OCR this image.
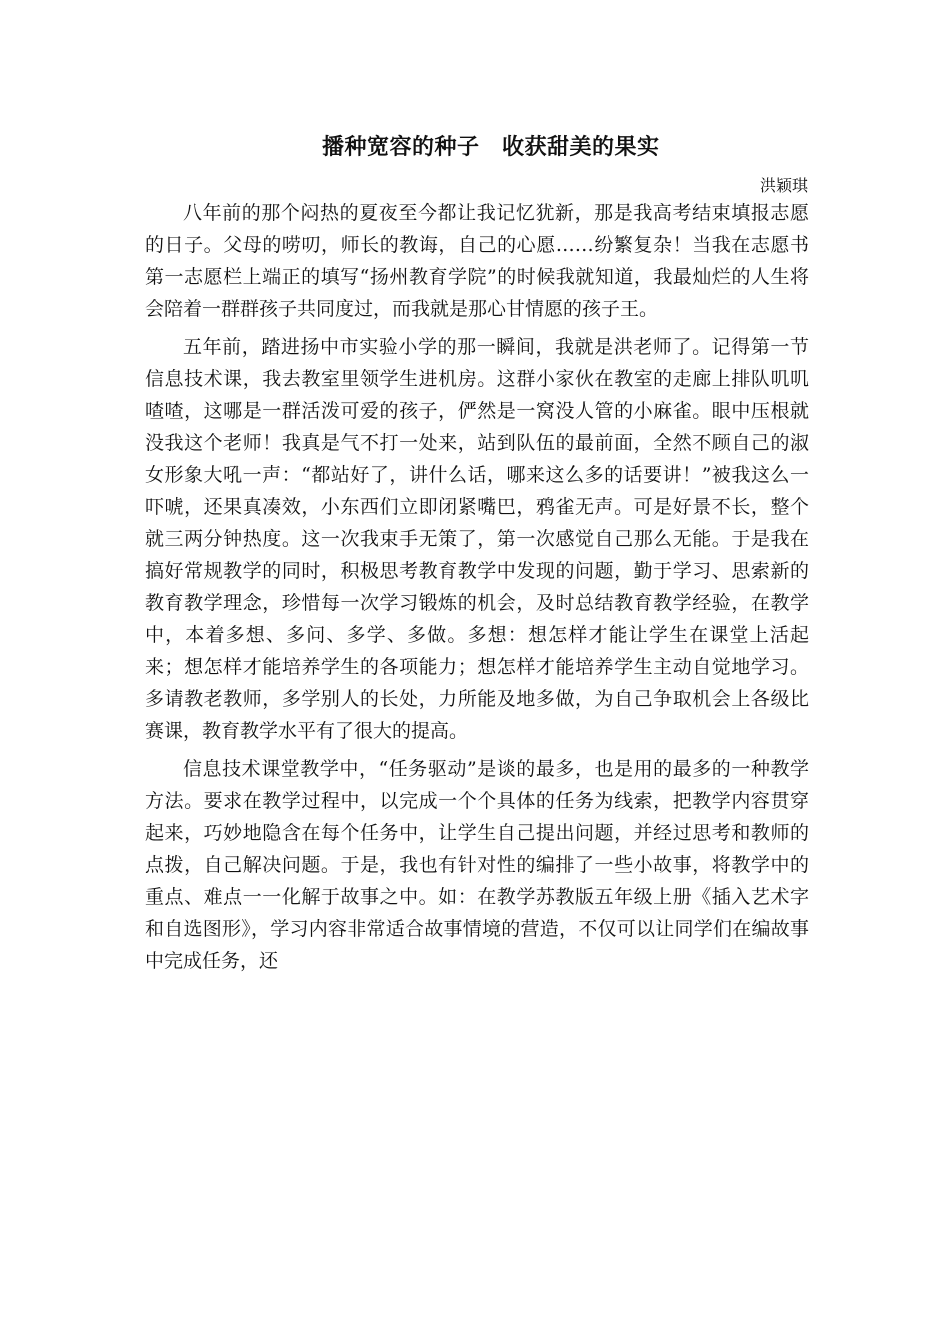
播种宽容的种子　收获甜美的果实
洪颖琪

八年前的那个闷热的夏夜至今都让我记忆犹新，那是我高考结束填报志愿的日子。父母的唠叨，师长的教诲，自己的心愿……纷繁复杂！当我在志愿书第一志愿栏上端正的填写“扬州教育学院”的时候我就知道，我最灿烂的人生将会陪着一群群孩子共同度过，而我就是那心甘情愿的孩子王。

五年前，踏进扬中市实验小学的那一瞬间，我就是洪老师了。记得第一节信息技术课，我去教室里领学生进机房。这群小家伙在教室的走廊上排队叽叽喳喳，这哪是一群活泼可爱的孩子，俨然是一窝没人管的小麻雀。眼中压根就没我这个老师！我真是气不打一处来，站到队伍的最前面，全然不顾自己的淑女形象大吼一声：“都站好了，讲什么话，哪来这么多的话要讲！”被我这么一吓唬，还果真凑效，小东西们立即闭紧嘴巴，鸦雀无声。可是好景不长，整个就三两分钟热度。这一次我束手无策了，第一次感觉自己那么无能。于是我在搞好常规教学的同时，积极思考教育教学中发现的问题，勤于学习、思索新的教育教学理念，珍惜每一次学习锻炼的机会，及时总结教育教学经验，在教学中，本着多想、多问、多学、多做。多想：想怎样才能让学生在课堂上活起来；想怎样才能培养学生的各项能力；想怎样才能培养学生主动自觉地学习。多请教老教师，多学别人的长处，力所能及地多做，为自己争取机会上各级比赛课，教育教学水平有了很大的提高。

信息技术课堂教学中，“任务驱动”是谈的最多，也是用的最多的一种教学方法。要求在教学过程中，以完成一个个具体的任务为线索，把教学内容贯穿起来，巧妙地隐含在每个任务中，让学生自己提出问题，并经过思考和教师的点拨，自己解决问题。于是，我也有针对性的编排了一些小故事，将教学中的重点、难点一一化解于故事之中。如：在教学苏教版五年级上册《插入艺术字和自选图形》，学习内容非常适合故事情境的营造，不仅可以让同学们在编故事中完成任务，还
